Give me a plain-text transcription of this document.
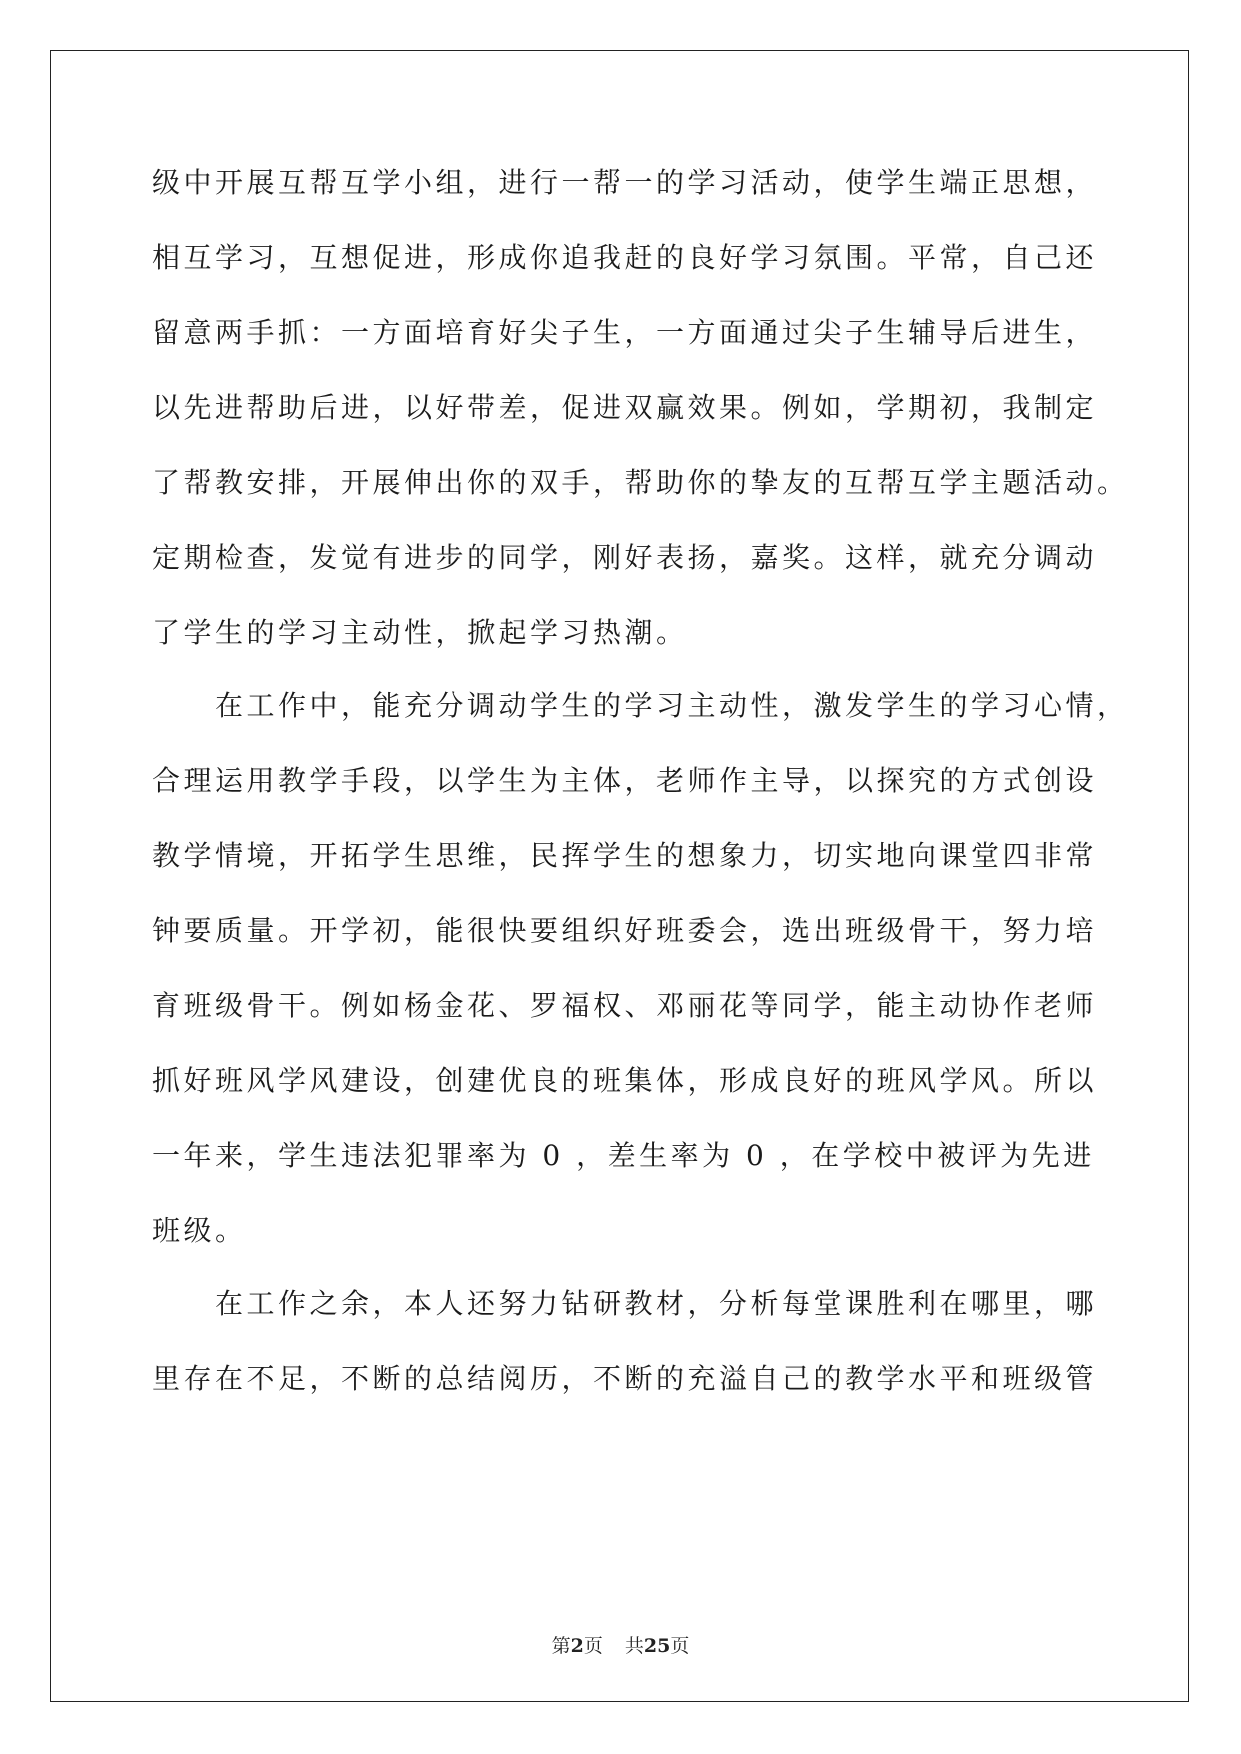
级中开展互帮互学小组，进行一帮一的学习活动，使学生端正思想，
相互学习，互想促进，形成你追我赶的良好学习氛围。平常，自己还
留意两手抓：一方面培育好尖子生，一方面通过尖子生辅导后进生，
以先进帮助后进，以好带差，促进双赢效果。例如，学期初，我制定
了帮教安排，开展伸出你的双手，帮助你的挚友的互帮互学主题活动。
定期检查，发觉有进步的同学，刚好表扬，嘉奖。这样，就充分调动
了学生的学习主动性，掀起学习热潮。
　　在工作中，能充分调动学生的学习主动性，激发学生的学习心情，
合理运用教学手段，以学生为主体，老师作主导，以探究的方式创设
教学情境，开拓学生思维，民挥学生的想象力，切实地向课堂四非常
钟要质量。开学初，能很快要组织好班委会，选出班级骨干，努力培
育班级骨干。例如杨金花、罗福权、邓丽花等同学，能主动协作老师
抓好班风学风建设，创建优良的班集体，形成良好的班风学风。所以
一年来，学生违法犯罪率为 0 ，差生率为 0 ，在学校中被评为先进
班级。
　　在工作之余，本人还努力钻研教材，分析每堂课胜利在哪里，哪
里存在不足，不断的总结阅历，不断的充溢自己的教学水平和班级管
第2页 共25页
